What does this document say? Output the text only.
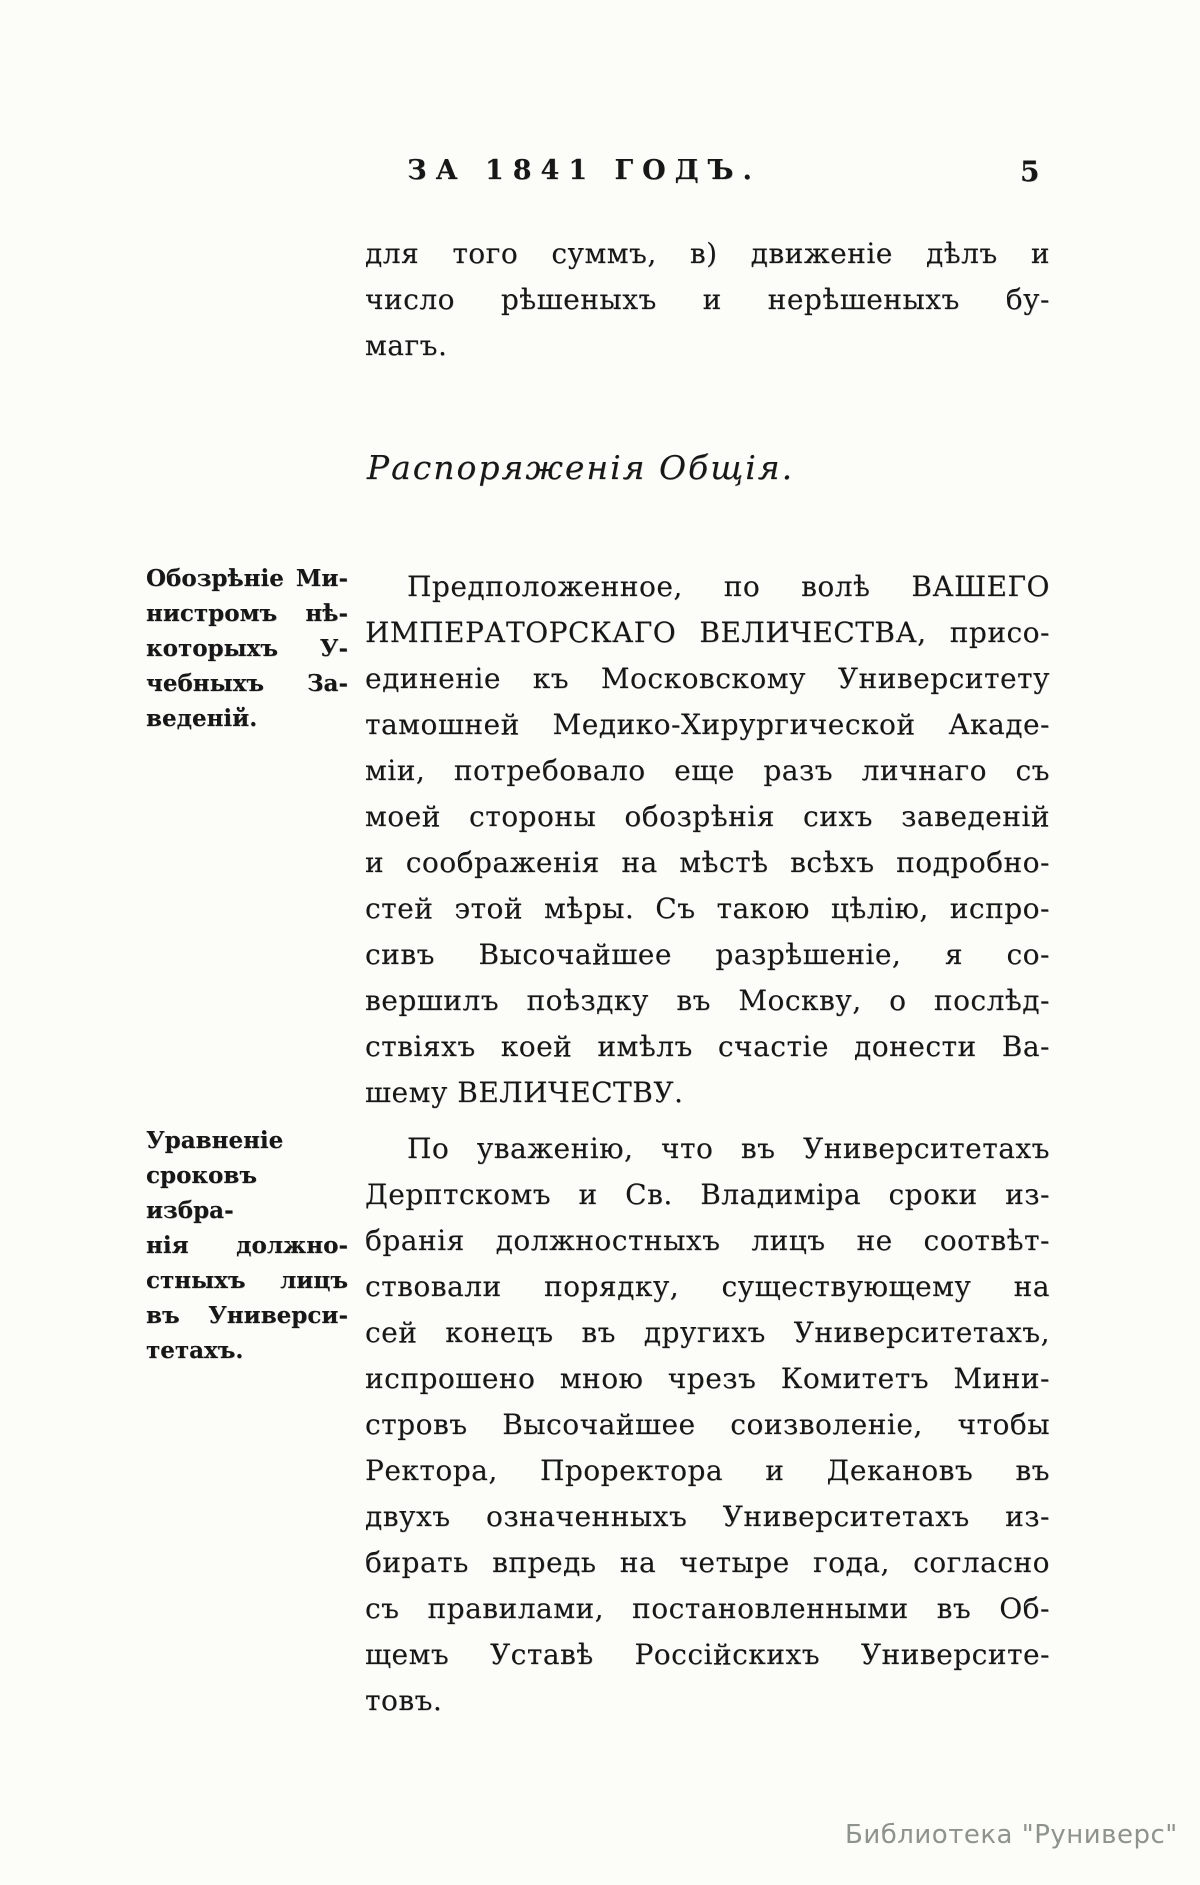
ЗА 1841 ГОДЪ.	5
для того суммъ, в) движеніе дѣлъ и
число рѣшеныхъ и нерѣшеныхъ бу-
магъ.
Распоряженія Общія.
Обозрѣніе Ми-
нистромъ нѣ-
которыхъ У-
чебныхъ За-
веденій.
Предположенное, по волѣ ВАШЕГО
ИМПЕРАТОРСКАГО ВЕЛИЧЕСТВА, присо-
единеніе къ Московскому Университету
тамошней Медико-Хирургической Акаде-
міи, потребовало еще разъ личнаго съ
моей стороны обозрѣнія сихъ заведеній
и соображенія на мѣстѣ всѣхъ подробно-
стей этой мѣры. Съ такою цѣлію, испро-
сивъ Высочайшее разрѣшеніе, я со-
вершилъ поѣздку въ Москву, о послѣд-
ствіяхъ коей имѣлъ счастіе донести Ва-
шему ВЕЛИЧЕСТВУ.
Уравненіе
сроковъ избра-
нія должно-
стныхъ лицъ
въ Универси-
тетахъ.
По уваженію, что въ Университетахъ
Дерптскомъ и Св. Владиміра сроки из-
бранія должностныхъ лицъ не соотвѣт-
ствовали порядку, существующему на
сей конецъ въ другихъ Университетахъ,
испрошено мною чрезъ Комитетъ Мини-
стровъ Высочайшее соизволеніе, чтобы
Ректора, Проректора и Декановъ въ
двухъ означенныхъ Университетахъ из-
бирать впредь на четыре года, согласно
съ правилами, постановленными въ Об-
щемъ Уставѣ Россійскихъ Университе-
товъ.
Библиотека "Руниверс"
